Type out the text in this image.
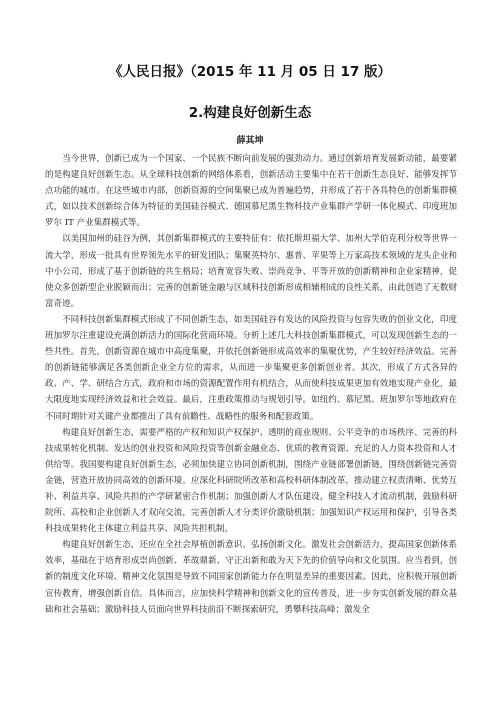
《人民日报》（2015 年 11 月 05 日 17 版）
2.构建良好创新生态
薛其坤

当今世界，创新已成为一个国家、一个民族不断向前发展的强劲动力。通过创新培育发展新动能，最要紧的是构建良好创新生态。从全球科技创新的网络体系看，创新活动主要集中在若干创新生态良好、能够发挥节点功能的城市。在这些城市内部，创新资源的空间集聚已成为普遍趋势，并形成了若干各具特色的创新集群模式，如以技术创新综合体为特征的美国硅谷模式、德国慕尼黑生物科技产业集群产学研一体化模式、印度班加罗尔 IT 产业集群模式等。

以美国加州的硅谷为例，其创新集群模式的主要特征有：依托斯坦福大学、加州大学伯克利分校等世界一流大学，形成一批具有世界领先水平的研发团队；集聚英特尔、惠普、苹果等上万家高技术领域的龙头企业和中小公司，形成了基于创新链的共生格局；培育宽容失败、崇尚竞争、平等开放的创新精神和企业家精神，促使众多创新型企业脱颖而出；完善的创新链金融与区域科技创新形成相辅相成的良性关系，由此创造了无数财富奇迹。

不同科技创新集群模式形成了不同创新生态，如美国硅谷有发达的风险投资与包容失败的创业文化，印度班加罗尔注重建设充满创新活力的国际化营商环境。分析上述几大科技创新集群模式，可以发现创新生态的一些共性。首先，创新资源在城市中高度集聚，并依托创新链形成高效率的集聚优势，产生较好经济效益。完善的创新链能够满足各类创新企业全方位的需求，从而进一步集聚更多创新创业者。其次，形成了方式各异的政、产、学、研结合方式，政府和市场的资源配置作用有机结合，从而使科技成果更加有效地实现产业化，最大限度地实现经济效益和社会效益。最后，注重政策推动与规划引导。如纽约、慕尼黑、班加罗尔等地政府在不同时期针对关键产业都推出了具有前瞻性、战略性的服务和配套政策。

构建良好创新生态，需要严格的产权和知识产权保护、透明的商业规则、公平竞争的市场秩序、完善的科技成果转化机制、发达的创业投资和风险投资等创新金融业态、优质的教育资源、充足的人力资本投资和人才供给等。我国要构建良好创新生态，必须加快建立协同创新机制，围绕产业链部署创新链，围绕创新链完善资金链，营造开放协同高效的创新环境。应深化科研院所改革和高校科研体制改革，推动建立权责清晰、优势互补、利益共享、风险共担的产学研紧密合作机制；加强创新人才队伍建设，健全科技人才流动机制，鼓励科研院所、高校和企业创新人才双向交流，完善创新人才分类评价激励机制；加强知识产权运用和保护，引导各类科技成果转化主体建立利益共享、风险共担机制。

构建良好创新生态，还应在全社会厚植创新意识、弘扬创新文化。激发社会创新活力，提高国家创新体系效率，基础在于培育形成崇尚创新、革故鼎新、守正出新和敢为天下先的价值导向和文化氛围。应当看到，创新的制度文化环境、精神文化氛围是导致不同国家创新能力存在明显差异的重要因素。因此，应积极开展创新宣传教育，增强创新自信。具体而言，应加快科学精神和创新文化的宣传普及，进一步夯实创新发展的群众基础和社会基础；激励科技人员面向世界科技前沿不断探索研究，勇攀科技高峰；激发全
